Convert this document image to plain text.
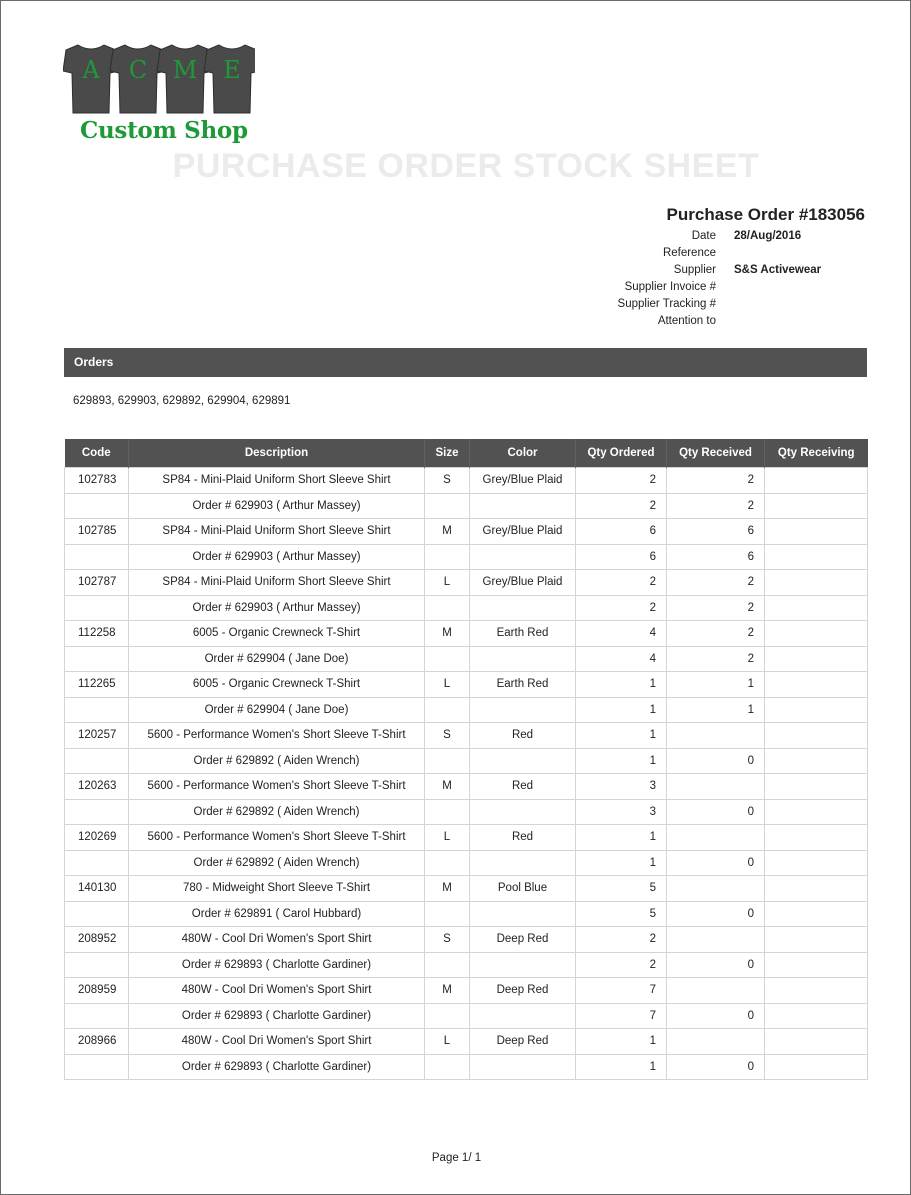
A C M E
Custom Shop
PURCHASE ORDER STOCK SHEET
Purchase Order #183056
Date	28/Aug/2016
Reference	
Supplier	S&S Activewear
Supplier Invoice #	
Supplier Tracking #	
Attention to	
Orders
629893, 629903, 629892, 629904, 629891
Code	Description	Size	Color	Qty Ordered	Qty Received	Qty Receiving
102783	SP84 - Mini-Plaid Uniform Short Sleeve Shirt	S	Grey/Blue Plaid	2	2	
	Order # 629903 ( Arthur Massey)			2	2	
102785	SP84 - Mini-Plaid Uniform Short Sleeve Shirt	M	Grey/Blue Plaid	6	6	
	Order # 629903 ( Arthur Massey)			6	6	
102787	SP84 - Mini-Plaid Uniform Short Sleeve Shirt	L	Grey/Blue Plaid	2	2	
	Order # 629903 ( Arthur Massey)			2	2	
112258	6005 - Organic Crewneck T-Shirt	M	Earth Red	4	2	
	Order # 629904 ( Jane Doe)			4	2	
112265	6005 - Organic Crewneck T-Shirt	L	Earth Red	1	1	
	Order # 629904 ( Jane Doe)			1	1	
120257	5600 - Performance Women's Short Sleeve T-Shirt	S	Red	1		
	Order # 629892 ( Aiden Wrench)			1	0	
120263	5600 - Performance Women's Short Sleeve T-Shirt	M	Red	3		
	Order # 629892 ( Aiden Wrench)			3	0	
120269	5600 - Performance Women's Short Sleeve T-Shirt	L	Red	1		
	Order # 629892 ( Aiden Wrench)			1	0	
140130	780 - Midweight Short Sleeve T-Shirt	M	Pool Blue	5		
	Order # 629891 ( Carol Hubbard)			5	0	
208952	480W - Cool Dri Women's Sport Shirt	S	Deep Red	2		
	Order # 629893 ( Charlotte Gardiner)			2	0	
208959	480W - Cool Dri Women's Sport Shirt	M	Deep Red	7		
	Order # 629893 ( Charlotte Gardiner)			7	0	
208966	480W - Cool Dri Women's Sport Shirt	L	Deep Red	1		
	Order # 629893 ( Charlotte Gardiner)			1	0	
Page 1/ 1
